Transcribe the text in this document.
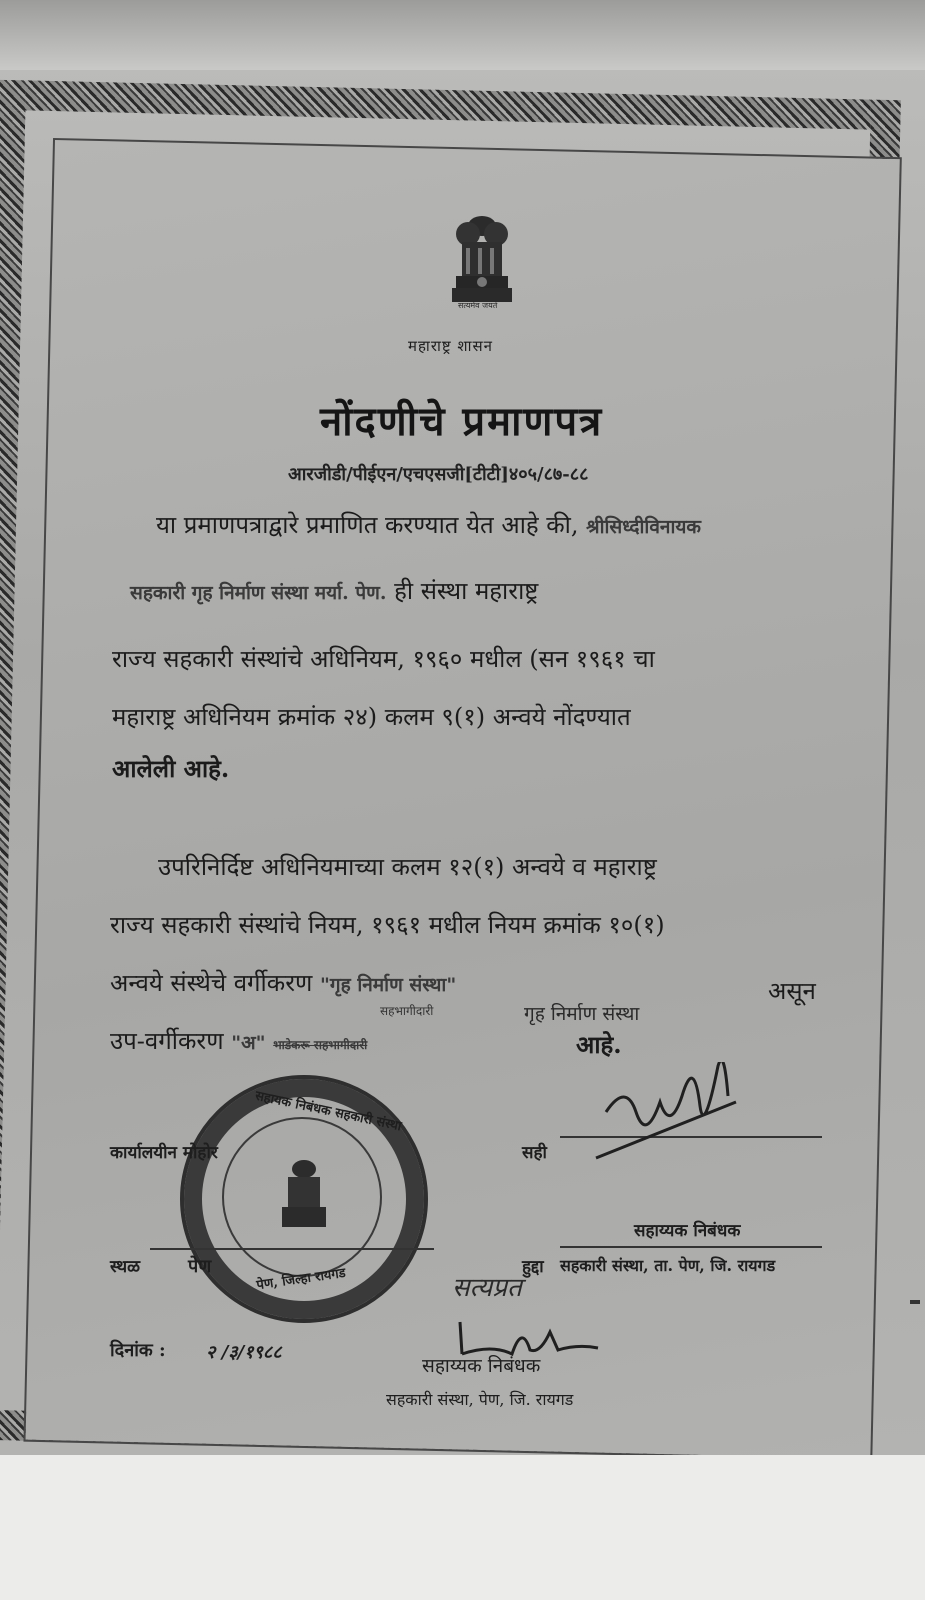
सत्यमेव जयते
महाराष्ट्र शासन
नोंदणीचे प्रमाणपत्र
आरजीडी/पीईएन/एचएसजी[टीटी]४०५/८७-८८
या प्रमाणपत्राद्वारे प्रमाणित करण्यात येत आहे की, श्रीसिध्दीविनायक
सहकारी गृह निर्माण संस्था मर्या. पेण. ही संस्था महाराष्ट्र
राज्य सहकारी संस्थांचे अधिनियम, १९६० मधील (सन १९६१ चा
महाराष्ट्र अधिनियम क्रमांक २४) कलम ९(१) अन्वये नोंदण्यात
आलेली आहे.
उपरिनिर्दिष्ट अधिनियमाच्या कलम १२(१) अन्वये व महाराष्ट्र
राज्य सहकारी संस्थांचे नियम, १९६१ मधील नियम क्रमांक १०(१)
अन्वये संस्थेचे वर्गीकरण "गृह निर्माण संस्था"	असून
सहभागीदारी
उप-वर्गीकरण "अ" भाडेकरू सहभागीदारी
गृह निर्माण संस्था
आहे.
सहायक निबंधक सहकारी संस्था
पेण, जिल्हा रायगड
कार्यालयीन मोहोर	सही
स्थळ	पेण
सहाय्यक निबंधक
हुद्दा सहकारी संस्था, ता. पेण, जि. रायगड
सत्यप्रत
दिनांक : २ /३/१९८८
सहाय्यक निबंधक
सहकारी संस्था, पेण, जि. रायगड
